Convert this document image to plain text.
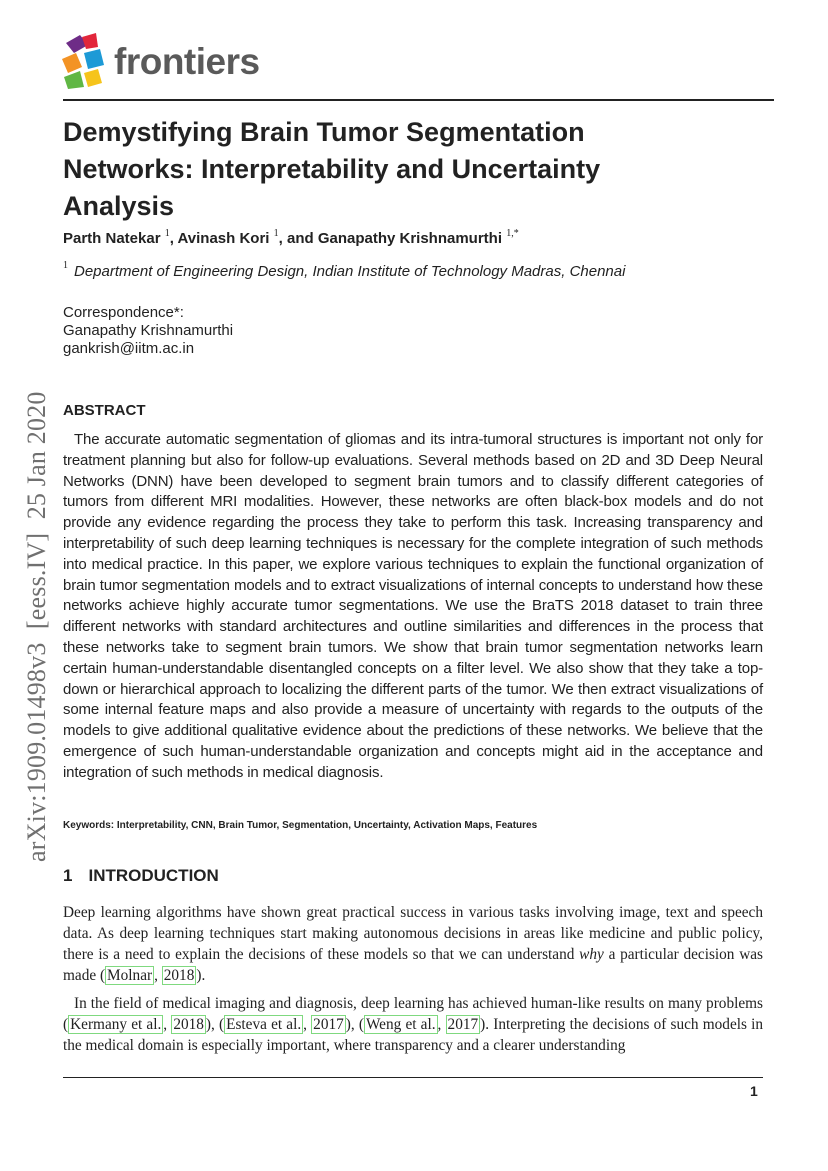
frontiers
Demystifying Brain Tumor Segmentation Networks: Interpretability and Uncertainty Analysis
Parth Natekar $^1$, Avinash Kori $^1$, and Ganapathy Krishnamurthi $^{1,*}$
$^1$ Department of Engineering Design, Indian Institute of Technology Madras, Chennai
Correspondence*:
Ganapathy Krishnamurthi
gankrish@iitm.ac.in
arXiv:1909.01498v3  [eess.IV]  25 Jan 2020 ABSTRACT

The accurate automatic segmentation of gliomas and its intra-tumoral structures is important not only for treatment planning but also for follow-up evaluations. Several methods based on 2D and 3D Deep Neural Networks (DNN) have been developed to segment brain tumors and to classify different categories of tumors from different MRI modalities. However, these networks are often black-box models and do not provide any evidence regarding the process they take to perform this task. Increasing transparency and interpretability of such deep learning techniques is necessary for the complete integration of such methods into medical practice. In this paper, we explore various techniques to explain the functional organization of brain tumor segmentation models and to extract visualizations of internal concepts to understand how these networks achieve highly accurate tumor segmentations. We use the BraTS 2018 dataset to train three different networks with standard architectures and outline similarities and differences in the process that these networks take to segment brain tumors. We show that brain tumor segmentation networks learn certain human-understandable disentangled concepts on a filter level. We also show that they take a top-down or hierarchical approach to localizing the different parts of the tumor. We then extract visualizations of some internal feature maps and also provide a measure of uncertainty with regards to the outputs of the models to give additional qualitative evidence about the predictions of these networks. We believe that the emergence of such human-understandable organization and concepts might aid in the acceptance and integration of such methods in medical diagnosis.

Keywords: Interpretability, CNN, Brain Tumor, Segmentation, Uncertainty, Activation Maps, Features
1 INTRODUCTION

Deep learning algorithms have shown great practical success in various tasks involving image, text and speech data. As deep learning techniques start making autonomous decisions in areas like medicine and public policy, there is a need to explain the decisions of these models so that we can understand why a particular decision was made ( Molnar , 2018 ).

In the field of medical imaging and diagnosis, deep learning has achieved human-like results on many problems ( Kermany et al. , 2018 ), ( Esteva et al. , 2017 ), ( Weng et al. , 2017 ). Interpreting the decisions of such models in the medical domain is especially important, where transparency and a clearer understanding

1
